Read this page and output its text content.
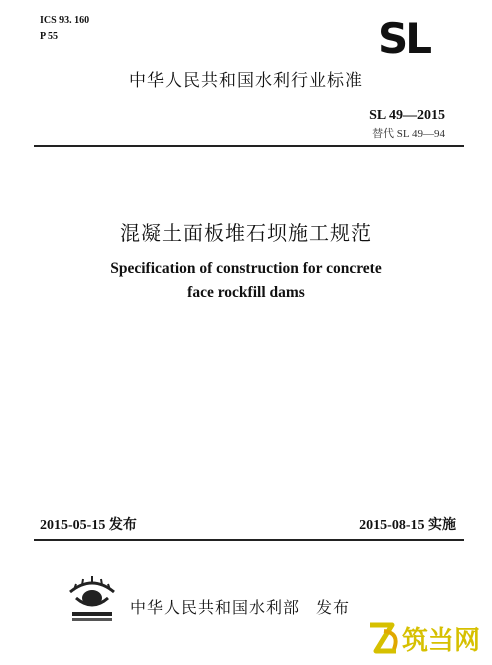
ICS 93. 160
P 55	SL
中华人民共和国水利行业标准
SL 49—2015
替代 SL 49—94
混凝土面板堆石坝施工规范
Specification of construction for concrete
face rockfill dams
2015-05-15 发布	2015-08-15 实施
中华人民共和国水利部 发布
筑当网
